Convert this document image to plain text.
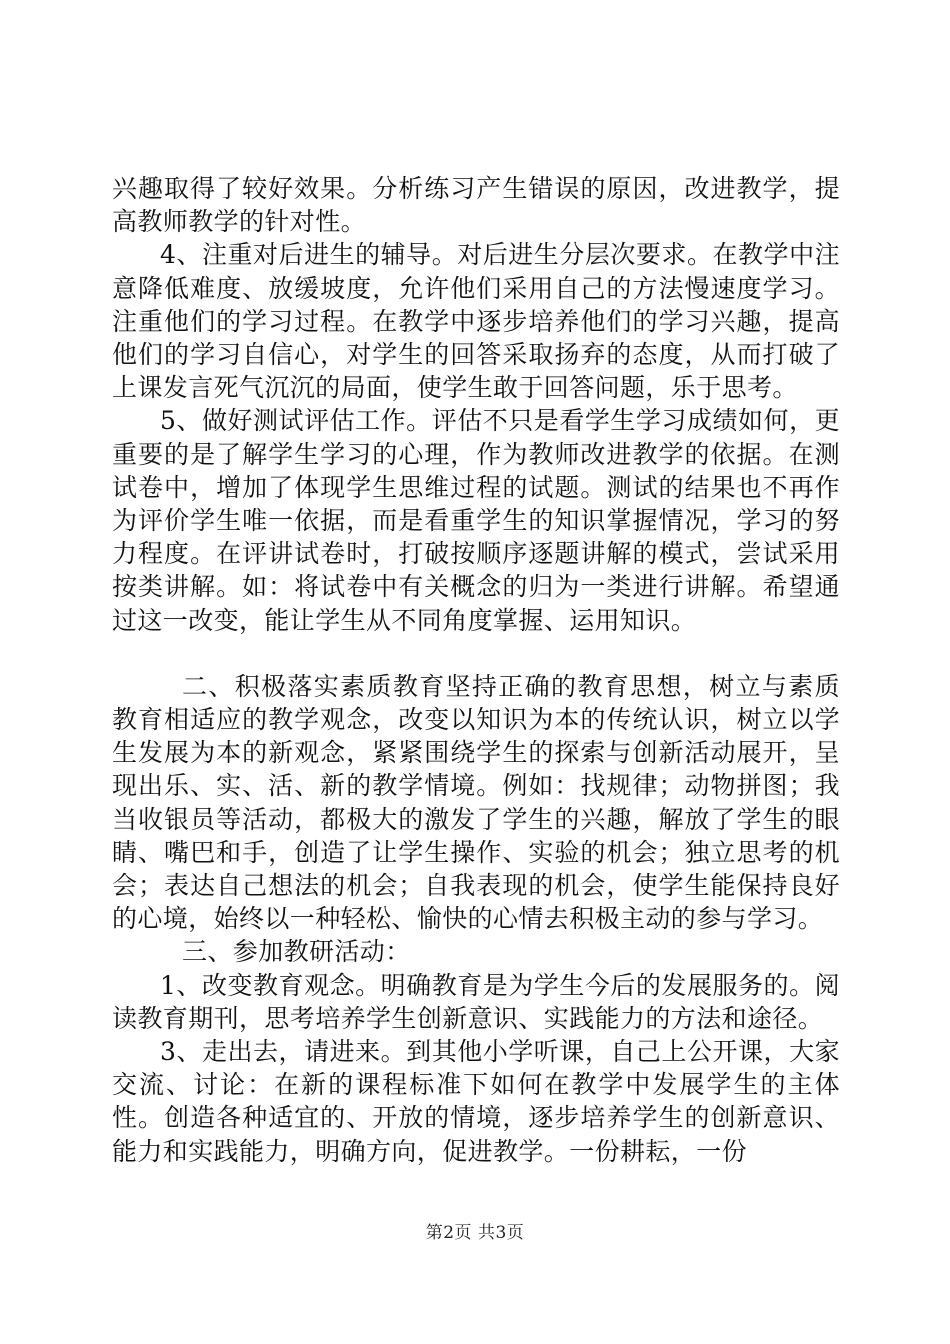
兴趣取得了较好效果。分析练习产生错误的原因，改进教学，提高教师教学的针对性。

4、注重对后进生的辅导。对后进生分层次要求。在教学中注意降低难度、放缓坡度，允许他们采用自己的方法慢速度学习。注重他们的学习过程。在教学中逐步培养他们的学习兴趣，提高他们的学习自信心，对学生的回答采取扬弃的态度，从而打破了上课发言死气沉沉的局面，使学生敢于回答问题，乐于思考。

5、做好测试评估工作。评估不只是看学生学习成绩如何，更重要的是了解学生学习的心理，作为教师改进教学的依据。在测试卷中，增加了体现学生思维过程的试题。测试的结果也不再作为评价学生唯一依据，而是看重学生的知识掌握情况，学习的努力程度。在评讲试卷时，打破按顺序逐题讲解的模式，尝试采用按类讲解。如：将试卷中有关概念的归为一类进行讲解。希望通过这一改变，能让学生从不同角度掌握、运用知识。

二、积极落实素质教育坚持正确的教育思想，树立与素质教育相适应的教学观念，改变以知识为本的传统认识，树立以学生发展为本的新观念，紧紧围绕学生的探索与创新活动展开，呈现出乐、实、活、新的教学情境。例如：找规律；动物拼图；我当收银员等活动，都极大的激发了学生的兴趣，解放了学生的眼睛、嘴巴和手，创造了让学生操作、实验的机会；独立思考的机会；表达自己想法的机会；自我表现的机会，使学生能保持良好的心境，始终以一种轻松、愉快的心情去积极主动的参与学习。

三、参加教研活动：

1、改变教育观念。明确教育是为学生今后的发展服务的。阅读教育期刊，思考培养学生创新意识、实践能力的方法和途径。

3、走出去，请进来。到其他小学听课，自己上公开课，大家交流、讨论：在新的课程标准下如何在教学中发展学生的主体性。创造各种适宜的、开放的情境，逐步培养学生的创新意识、能力和实践能力，明确方向，促进教学。一份耕耘，一份

第2页 共3页
